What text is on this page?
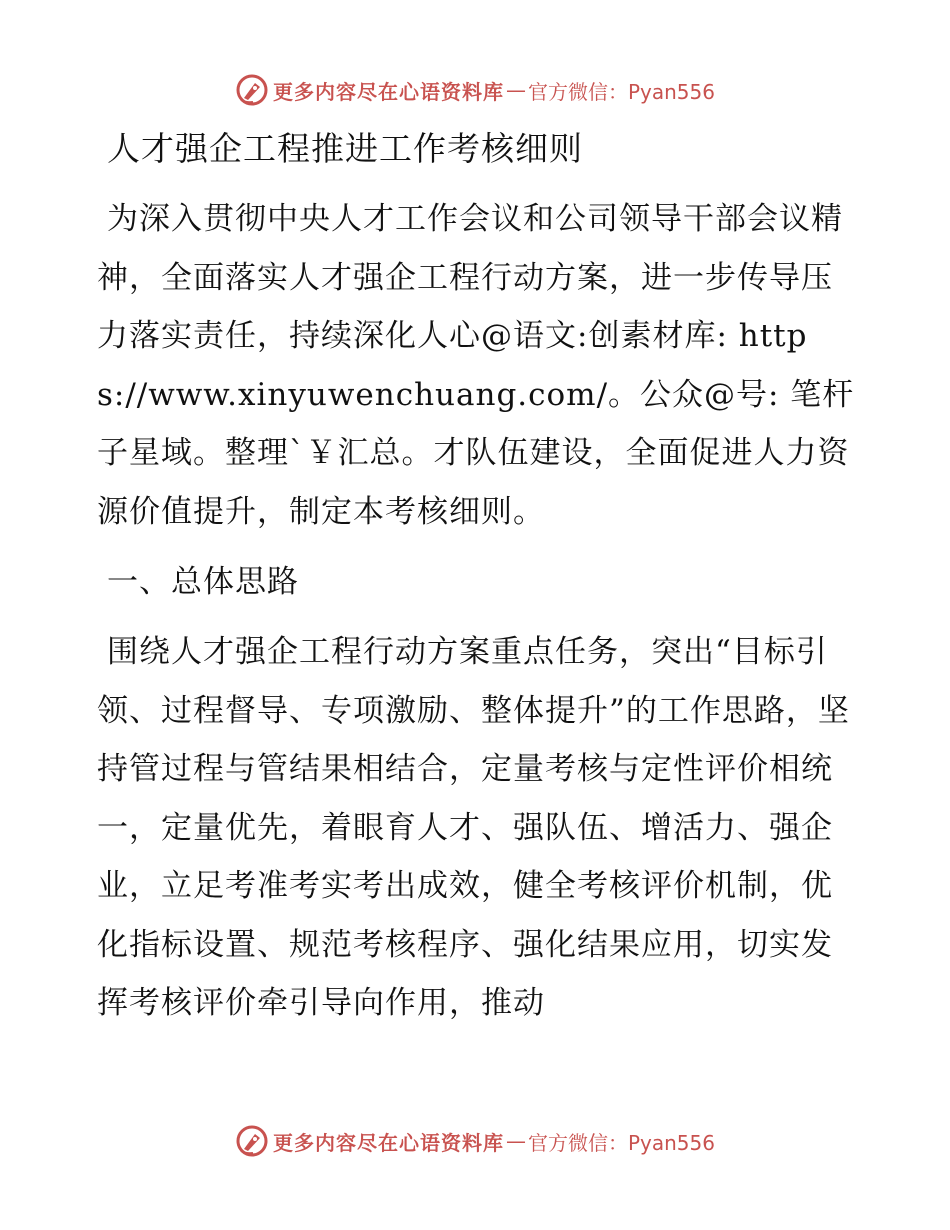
更多内容尽在心语资料库 — 官方微信：Pyan556
人才强企工程推进工作考核细则

为深入贯彻中央人才工作会议和公司领导干部会议精神，全面落实人才强企工程行动方案，进一步传导压力落实责任，持续深化人心@语文:创素材库: https://www.xinyuwenchuang.com/。公众@号: 笔杆子星域。整理`￥汇总。才队伍建设，全面促进人力资源价值提升，制定本考核细则。

一、总体思路

围绕人才强企工程行动方案重点任务，突出“目标引领、过程督导、专项激励、整体提升”的工作思路，坚持管过程与管结果相结合，定量考核与定性评价相统一，定量优先，着眼育人才、强队伍、增活力、强企业，立足考准考实考出成效，健全考核评价机制，优化指标设置、规范考核程序、强化结果应用，切实发挥考核评价牵引导向作用，推动

更多内容尽在心语资料库 — 官方微信：Pyan556
